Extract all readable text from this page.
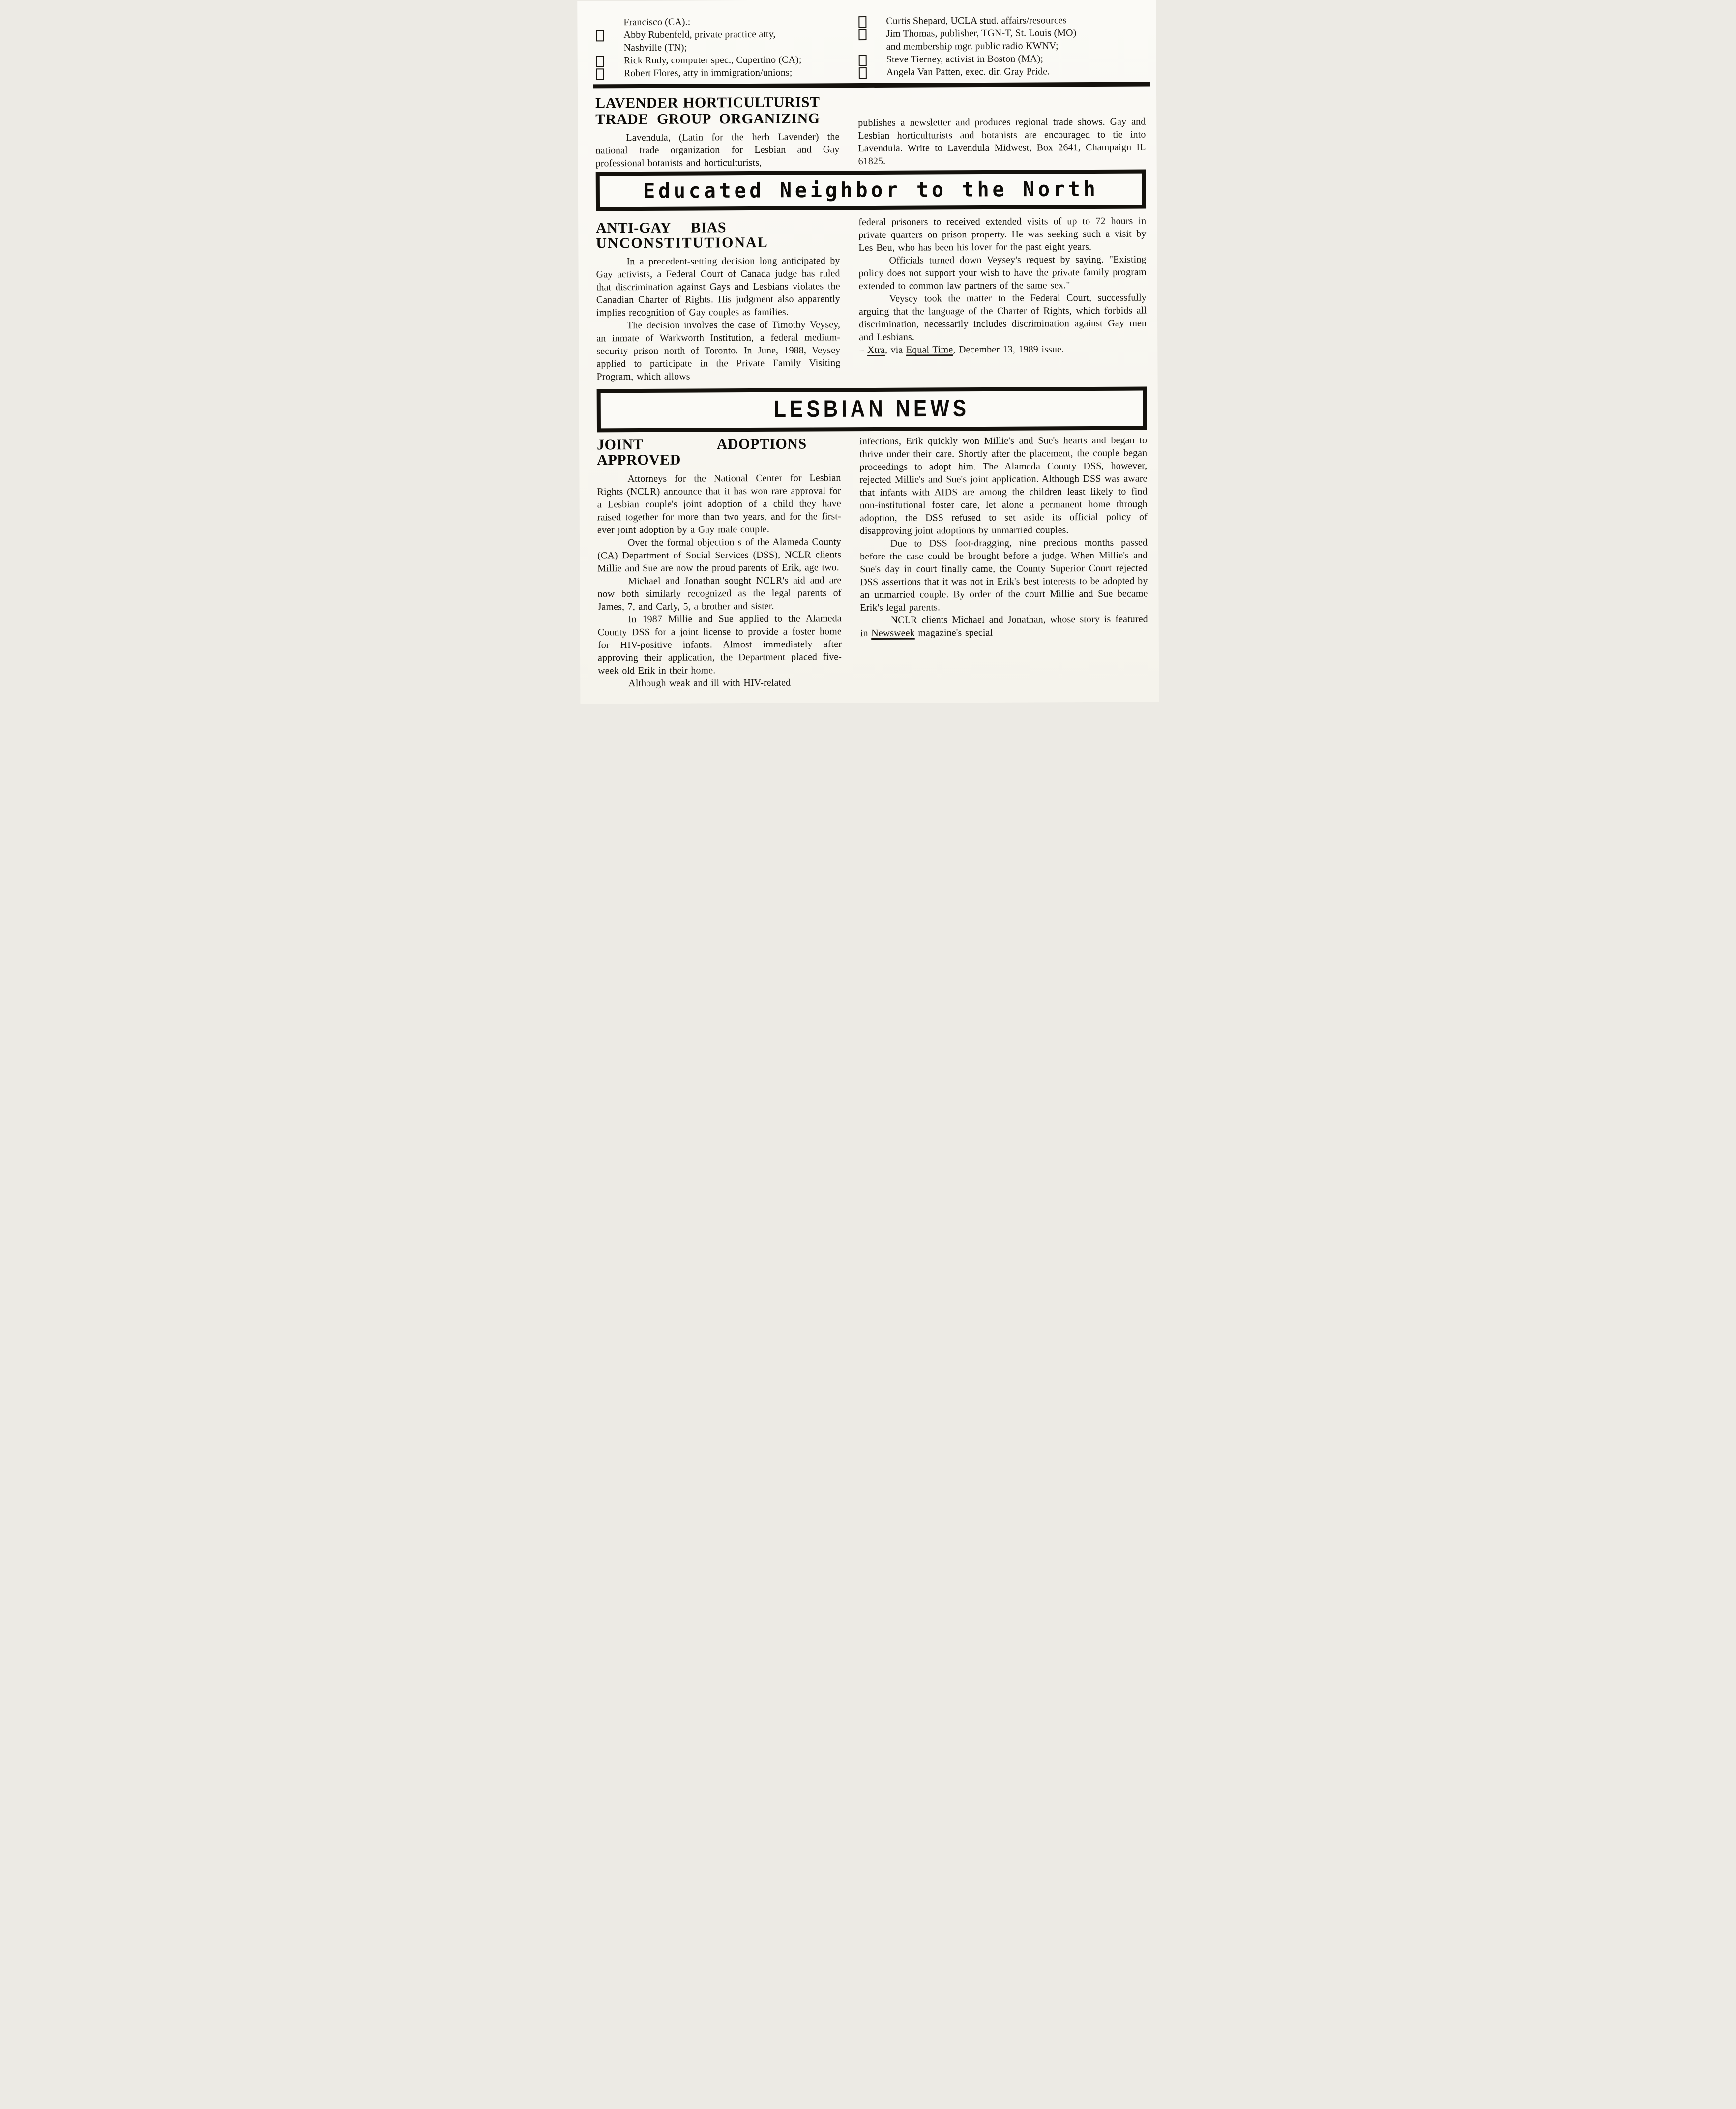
Francisco (CA).:
Abby Rubenfeld, private practice atty,
Nashville (TN);
Rick Rudy, computer spec., Cupertino (CA);
Robert Flores, atty in immigration/unions;
Curtis Shepard, UCLA stud. affairs/resources
Jim Thomas, publisher, TGN-T, St. Louis (MO)
and membership mgr. public radio KWNV;
Steve Tierney, activist in Boston (MA);
Angela Van Patten, exec. dir. Gray Pride.
LAVENDER HORTICULTURIST
TRADE GROUP ORGANIZING

Lavendula, (Latin for the herb Lavender) the national trade organization for Lesbian and Gay professional botanists and horticulturists,

publishes a newsletter and produces regional trade shows. Gay and Lesbian horticulturists and botanists are encouraged to tie into Lavendula. Write to Lavendula Midwest, Box 2641, Champaign IL 61825.

Educated Neighbor to the North
ANTI-GAY BIAS
UNCONSTITUTIONAL

In a precedent-setting decision long anticipated by Gay activists, a Federal Court of Canada judge has ruled that discrimination against Gays and Lesbians violates the Canadian Charter of Rights. His judgment also apparently implies recognition of Gay couples as families.

The decision involves the case of Timothy Veysey, an inmate of Warkworth Institution, a federal medium-security prison north of Toronto. In June, 1988, Veysey applied to participate in the Private Family Visiting Program, which allows

federal prisoners to received extended visits of up to 72 hours in private quarters on prison property. He was seeking such a visit by Les Beu, who has been his lover for the past eight years.

Officials turned down Veysey's request by saying. "Existing policy does not support your wish to have the private family program extended to common law partners of the same sex."

Veysey took the matter to the Federal Court, successfully arguing that the language of the Charter of Rights, which forbids all discrimination, necessarily includes discrimination against Gay men and Lesbians.

– Xtra, via Equal Time, December 13, 1989 issue.

LESBIAN NEWS
JOINT ADOPTIONS APPROVED

Attorneys for the National Center for Lesbian Rights (NCLR) announce that it has won rare approval for a Lesbian couple's joint adoption of a child they have raised together for more than two years, and for the first-ever joint adoption by a Gay male couple.

Over the formal objection s of the Alameda County (CA) Department of Social Services (DSS), NCLR clients Millie and Sue are now the proud parents of Erik, age two.

Michael and Jonathan sought NCLR's aid and are now both similarly recognized as the legal parents of James, 7, and Carly, 5, a brother and sister.

In 1987 Millie and Sue applied to the Alameda County DSS for a joint license to provide a foster home for HIV-positive infants. Almost immediately after approving their application, the Department placed five-week old Erik in their home.

Although weak and ill with HIV-related

infections, Erik quickly won Millie's and Sue's hearts and began to thrive under their care. Shortly after the placement, the couple began proceedings to adopt him. The Alameda County DSS, however, rejected Millie's and Sue's joint application. Although DSS was aware that infants with AIDS are among the children least likely to find non-institutional foster care, let alone a permanent home through adoption, the DSS refused to set aside its official policy of disapproving joint adoptions by unmarried couples.

Due to DSS foot-dragging, nine precious months passed before the case could be brought before a judge. When Millie's and Sue's day in court finally came, the County Superior Court rejected DSS assertions that it was not in Erik's best interests to be adopted by an unmarried couple. By order of the court Millie and Sue became Erik's legal parents.

NCLR clients Michael and Jonathan, whose story is featured in Newsweek magazine's special
